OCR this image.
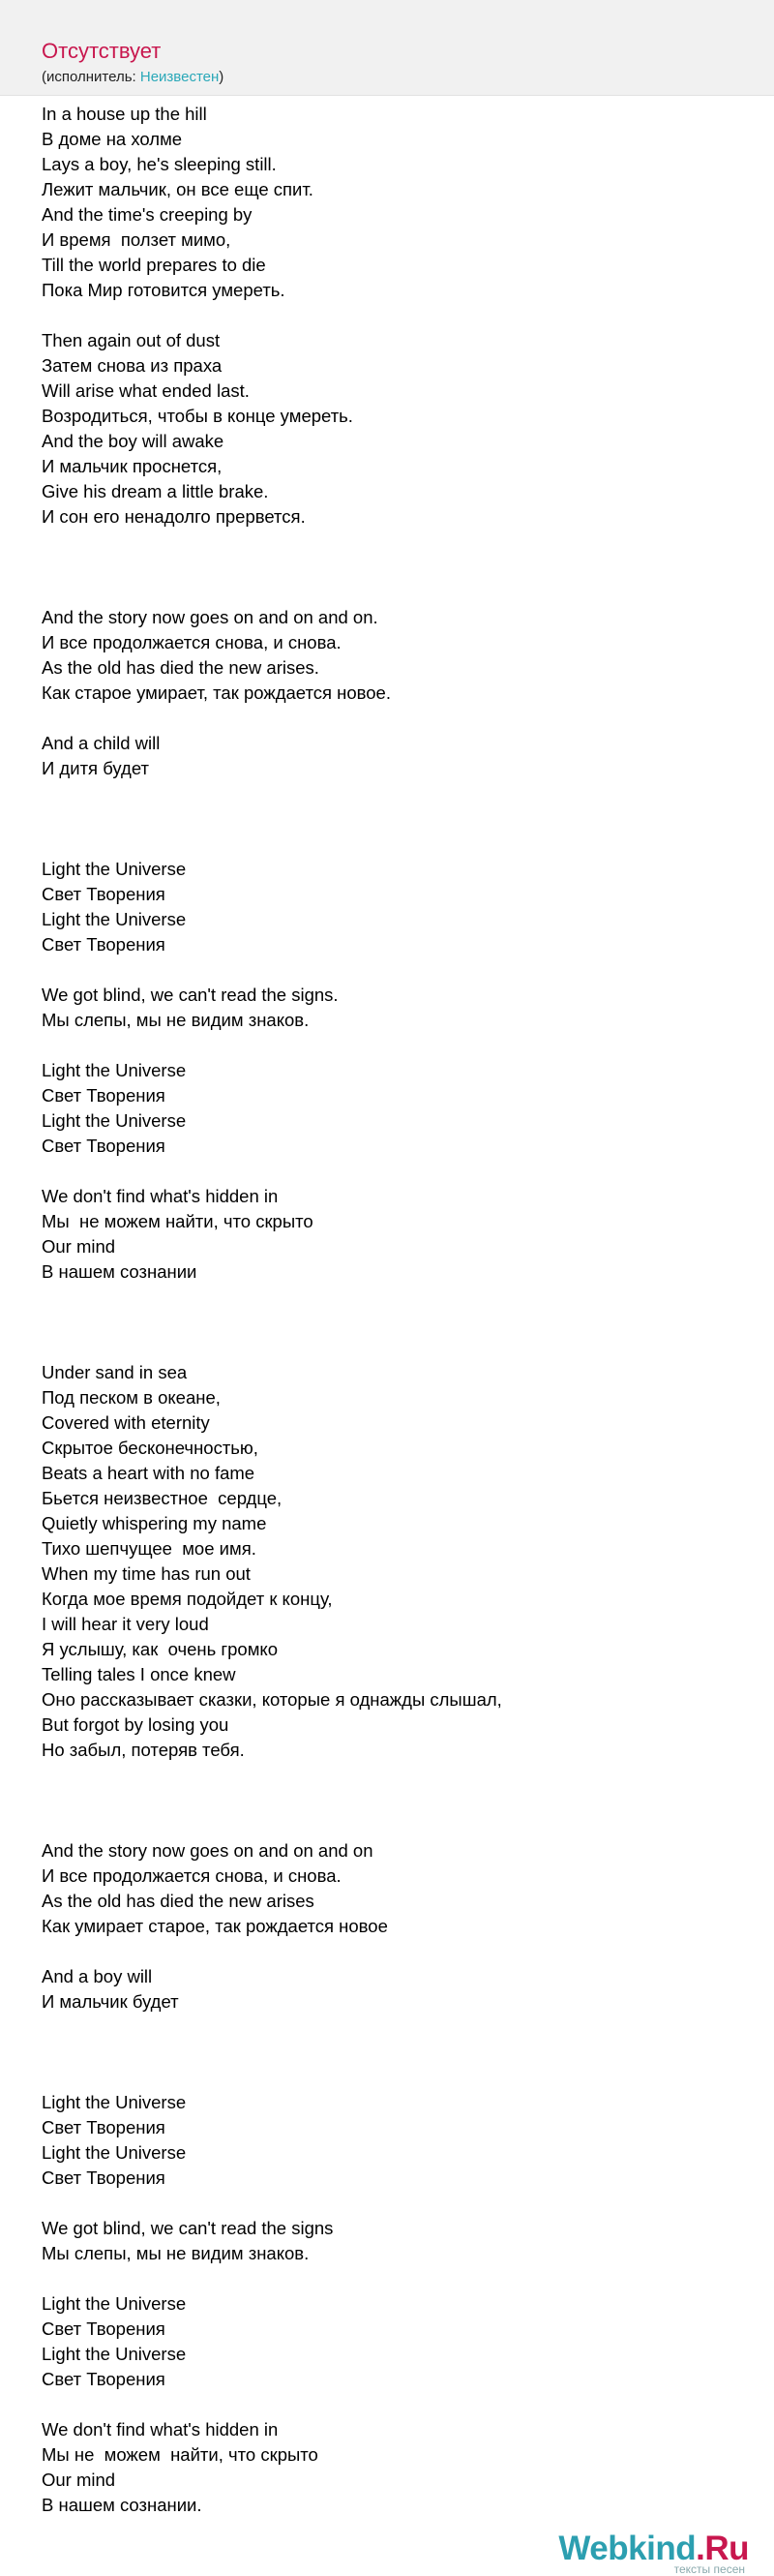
Отсутствует
(исполнитель: Неизвестен)
In a house up the hill
В доме на холме
Lays a boy, he's sleeping still.
Лежит мальчик, он все еще спит.
And the time's creeping by
И время  ползет мимо,
Till the world prepares to die
Пока Мир готовится умереть.
Then again out of dust
Затем снова из праха
Will arise what ended last.
Возродиться, чтобы в конце умереть.
And the boy will awake
И мальчик проснется,
Give his dream a little brake.
И сон его ненадолго прервется.
And the story now goes on and on and on.
И все продолжается снова, и снова.
As the old has died the new arises.
Как старое умирает, так рождается новое.
And a child will
И дитя будет
Light the Universe
Свет Творения
Light the Universe
Свет Творения
We got blind, we can't read the signs.
Мы слепы, мы не видим знаков.
Light the Universe
Свет Творения
Light the Universe
Свет Творения
We don't find what's hidden in
Мы  не можем найти, что скрыто
Our mind
В нашем сознании
Under sand in sea
Под песком в океане,
Covered with eternity
Скрытое бесконечностью,
Beats a heart with no fame
Бьется неизвестное  сердце,
Quietly whispering my name
Тихо шепчущее  мое имя.
When my time has run out
Когда мое время подойдет к концу,
I will hear it very loud
Я услышу, как  очень громко
Telling tales I once knew
Оно рассказывает сказки, которые я однажды слышал,
But forgot by losing you
Но забыл, потеряв тебя.
And the story now goes on and on and on
И все продолжается снова, и снова.
As the old has died the new arises
Как умирает старое, так рождается новое
And a boy will
И мальчик будет
Light the Universe
Свет Творения
Light the Universe
Свет Творения
We got blind, we can't read the signs
Мы слепы, мы не видим знаков.
Light the Universe
Свет Творения
Light the Universe
Свет Творения
We don't find what's hidden in
Мы не  можем  найти, что скрыто
Our mind
В нашем сознании.
Webkind.Ru
тексты песен
